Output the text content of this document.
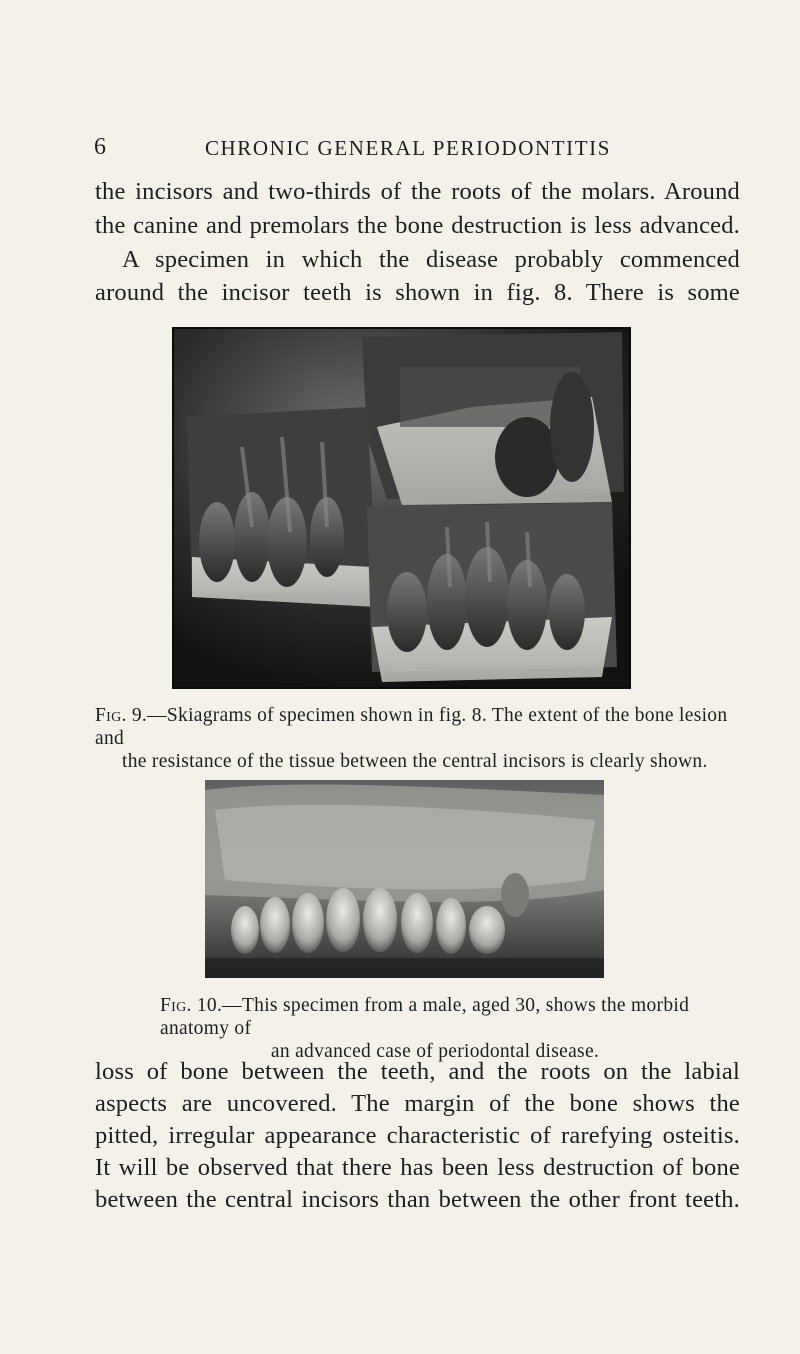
6	CHRONIC GENERAL PERIODONTITIS
the incisors and two-thirds of the roots of the molars. Around
the canine and premolars the bone destruction is less advanced.
A specimen in which the disease probably commenced
around the incisor teeth is shown in fig. 8. There is some
Fig. 9.—Skiagrams of specimen shown in fig. 8. The extent of the bone lesion and
the resistance of the tissue between the central incisors is clearly shown.
Fig. 10.—This specimen from a male, aged 30, shows the morbid anatomy of
an advanced case of periodontal disease.
loss of bone between the teeth, and the roots on the labial
aspects are uncovered. The margin of the bone shows the
pitted, irregular appearance characteristic of rarefying osteitis.
It will be observed that there has been less destruction of bone
between the central incisors than between the other front teeth.
